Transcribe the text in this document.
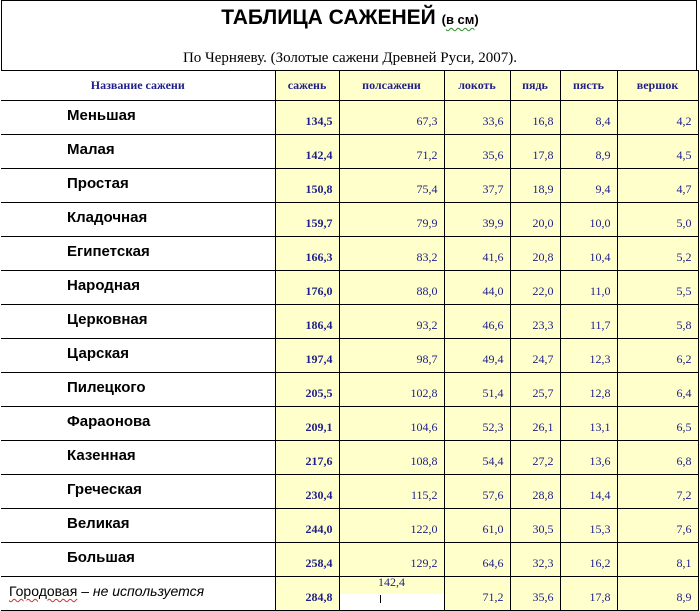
ТАБЛИЦА САЖЕНЕЙ (в см)
По Черняеву. (Золотые сажени Древней Руси, 2007).
Название сажени	сажень	полсажени	локоть	пядь	пясть	вершок
Меньшая	134,5	67,3	33,6	16,8	8,4	4,2
Малая	142,4	71,2	35,6	17,8	8,9	4,5
Простая	150,8	75,4	37,7	18,9	9,4	4,7
Кладочная	159,7	79,9	39,9	20,0	10,0	5,0
Египетская	166,3	83,2	41,6	20,8	10,4	5,2
Народная	176,0	88,0	44,0	22,0	11,0	5,5
Церковная	186,4	93,2	46,6	23,3	11,7	5,8
Царская	197,4	98,7	49,4	24,7	12,3	6,2
Пилецкого	205,5	102,8	51,4	25,7	12,8	6,4
Фараонова	209,1	104,6	52,3	26,1	13,1	6,5
Казенная	217,6	108,8	54,4	27,2	13,6	6,8
Греческая	230,4	115,2	57,6	28,8	14,4	7,2
Великая	244,0	122,0	61,0	30,5	15,3	7,6
Большая	258,4	129,2	64,6	32,3	16,2	8,1
Городовая – не используется	284,8	142,4	71,2	35,6	17,8	8,9
